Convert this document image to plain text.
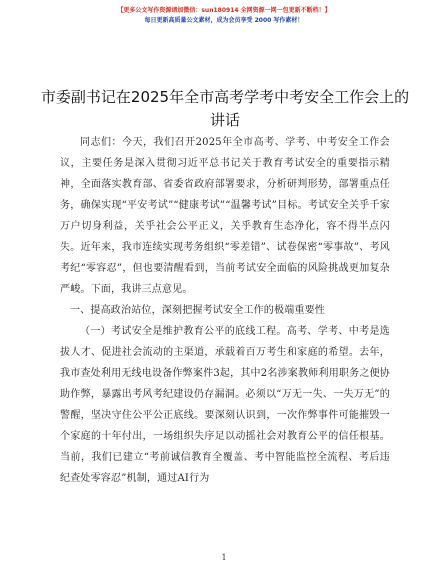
【更多公文写作资源请加微信：sun180914 全网资源一网一包更新不断档！】
每日更新高质量公文素材，成为会员享受 2000 写作素材！
市委副书记在2025年全市高考学考中考安全工作会上的讲话

同志们：今天，我们召开2025年全市高考、学考、中考安全工作会议，主要任务是深入贯彻习近平总书记关于教育考试安全的重要指示精神，全面落实教育部、省委省政府部署要求，分析研判形势，部署重点任务，确保实现“平安考试”“健康考试”“温馨考试”目标。考试安全关乎千家万户切身利益，关乎社会公平正义，关乎教育生态净化，容不得半点闪失。近年来，我市连续实现考务组织“零差错”、试卷保密“零事故”、考风考纪“零容忍”，但也要清醒看到，当前考试安全面临的风险挑战更加复杂严峻。下面，我讲三点意见。

一、提高政治站位，深刻把握考试安全工作的极端重要性

（一）考试安全是维护教育公平的底线工程。高考、学考、中考是选拔人才、促进社会流动的主渠道，承载着百万考生和家庭的希望。去年，我市查处利用无线电设备作弊案件3起，其中2名涉案教师利用职务之便协助作弊，暴露出考风考纪建设仍存漏洞。必须以“万无一失、一失万无”的警醒，坚决守住公平公正底线。要深刻认识到，一次作弊事件可能摧毁一个家庭的十年付出，一场组织失序足以动摇社会对教育公平的信任根基。当前，我们已建立“考前诚信教育全覆盖、考中智能监控全流程、考后违纪查处零容忍”机制，通过AI行为

1
